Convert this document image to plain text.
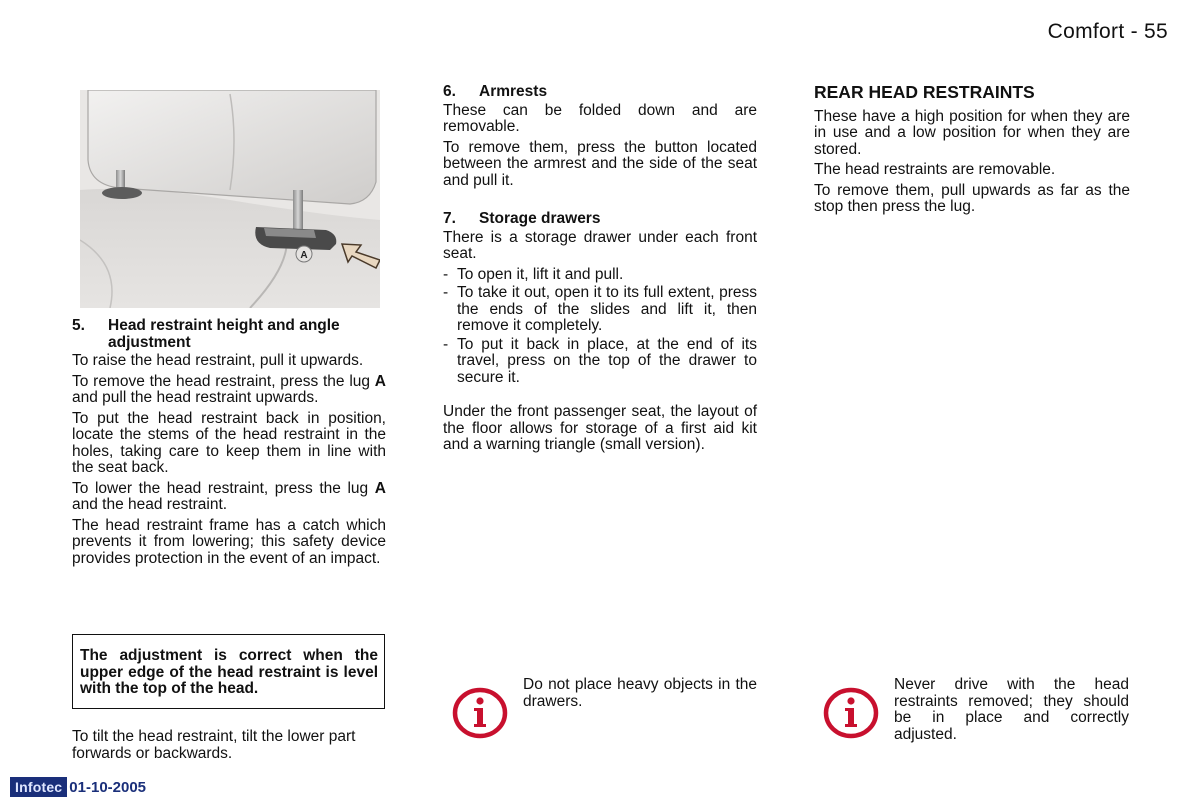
Comfort - 55
A
5.	Head restraint height and angle adjustment

To raise the head restraint, pull it upwards.

To remove the head restraint, press the lug A and pull the head restraint upwards.

To put the head restraint back in position, locate the stems of the head restraint in the holes, taking care to keep them in line with the seat back.

To lower the head restraint, press the lug A and the head restraint.

The head restraint frame has a catch which prevents it from lowering; this safety device provides protection in the event of an impact.

The adjustment is correct when the upper edge of the head restraint is level with the top of the head.
To tilt the head restraint, tilt the lower part forwards or backwards.
6.	Armrests

These can be folded down and are removable.

To remove them, press the button located between the armrest and the side of the seat and pull it.

7.	Storage drawers

There is a storage drawer under each front seat.

- To open it, lift it and pull.
- To take it out, open it to its full extent, press the ends of the slides and lift it, then remove it completely.
- To put it back in place, at the end of its travel, press on the top of the drawer to secure it.

Under the front passenger seat, the layout of the floor allows for storage of a first aid kit and a warning triangle (small version).

REAR HEAD RESTRAINTS

These have a high position for when they are in use and a low position for when they are stored.

The head restraints are removable.

To remove them, pull upwards as far as the stop then press the lug.

Do not place heavy objects in the drawers.
Never drive with the head restraints removed; they should be in place and correctly adjusted.
Infotec 01-10-2005
